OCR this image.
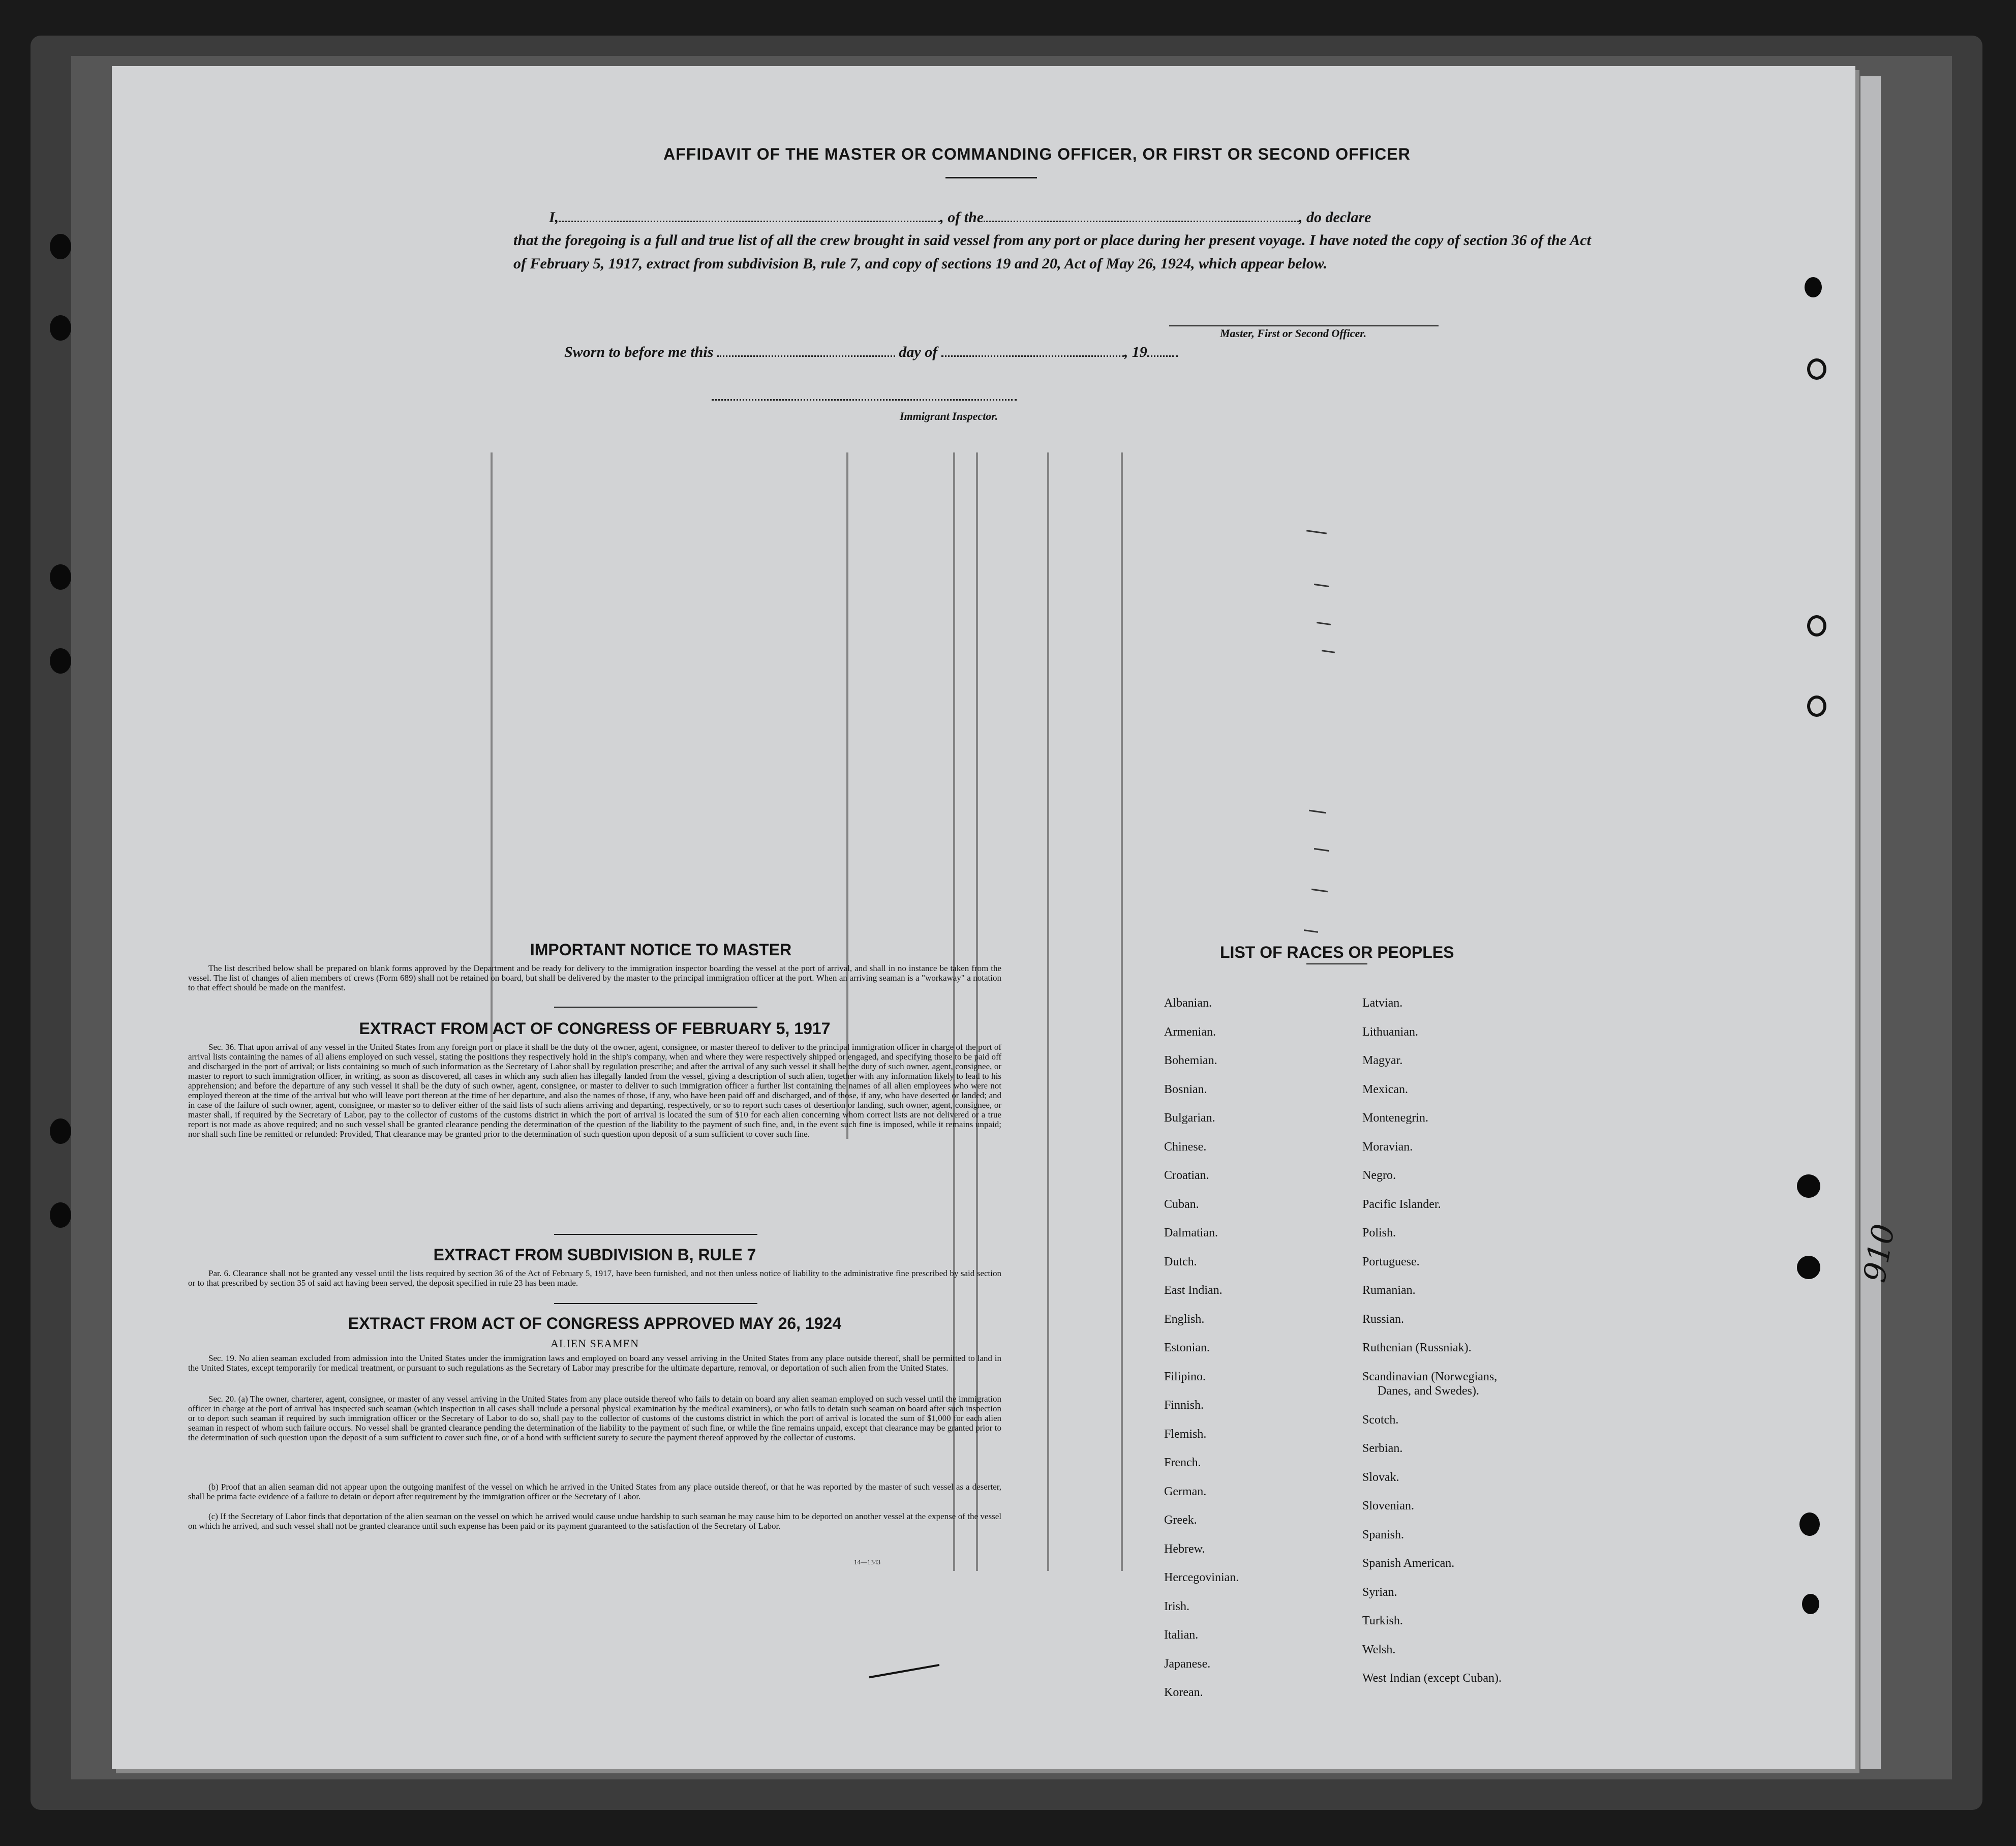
AFFIDAVIT OF THE MASTER OR COMMANDING OFFICER, OR FIRST OR SECOND OFFICER
I,	, of the	, do declare
that the foregoing is a full and true list of all the crew brought in said vessel from any port or place during her present voyage. I have noted the copy of section 36 of the Act of February 5, 1917, extract from subdivision B, rule 7, and copy of sections 19 and 20, Act of May 26, 1924, which appear below.
Master, First or Second Officer.
Sworn to before me this	day of	, 19
Immigrant Inspector.
IMPORTANT NOTICE TO MASTER
The list described below shall be prepared on blank forms approved by the Department and be ready for delivery to the immigration inspector boarding the vessel at the port of arrival, and shall in no instance be taken from the vessel. The list of changes of alien members of crews (Form 689) shall not be retained on board, but shall be delivered by the master to the principal immigration officer at the port. When an arriving seaman is a "workaway" a notation to that effect should be made on the manifest.
EXTRACT FROM ACT OF CONGRESS OF FEBRUARY 5, 1917
Sec. 36. That upon arrival of any vessel in the United States from any foreign port or place it shall be the duty of the owner, agent, consignee, or master thereof to deliver to the principal immigration officer in charge of the port of arrival lists containing the names of all aliens employed on such vessel, stating the positions they respectively hold in the ship's company, when and where they were respectively shipped or engaged, and specifying those to be paid off and discharged in the port of arrival; or lists containing so much of such information as the Secretary of Labor shall by regulation prescribe; and after the arrival of any such vessel it shall be the duty of such owner, agent, consignee, or master to report to such immigration officer, in writing, as soon as discovered, all cases in which any such alien has illegally landed from the vessel, giving a description of such alien, together with any information likely to lead to his apprehension; and before the departure of any such vessel it shall be the duty of such owner, agent, consignee, or master to deliver to such immigration officer a further list containing the names of all alien employees who were not employed thereon at the time of the arrival but who will leave port thereon at the time of her departure, and also the names of those, if any, who have been paid off and discharged, and of those, if any, who have deserted or landed; and in case of the failure of such owner, agent, consignee, or master so to deliver either of the said lists of such aliens arriving and departing, respectively, or so to report such cases of desertion or landing, such owner, agent, consignee, or master shall, if required by the Secretary of Labor, pay to the collector of customs of the customs district in which the port of arrival is located the sum of $10 for each alien concerning whom correct lists are not delivered or a true report is not made as above required; and no such vessel shall be granted clearance pending the determination of the question of the liability to the payment of such fine, and, in the event such fine is imposed, while it remains unpaid; nor shall such fine be remitted or refunded: Provided, That clearance may be granted prior to the determination of such question upon deposit of a sum sufficient to cover such fine.
EXTRACT FROM SUBDIVISION B, RULE 7
Par. 6. Clearance shall not be granted any vessel until the lists required by section 36 of the Act of February 5, 1917, have been furnished, and not then unless notice of liability to the administrative fine prescribed by said section or to that prescribed by section 35 of said act having been served, the deposit specified in rule 23 has been made.
EXTRACT FROM ACT OF CONGRESS APPROVED MAY 26, 1924
ALIEN SEAMEN
Sec. 19. No alien seaman excluded from admission into the United States under the immigration laws and employed on board any vessel arriving in the United States from any place outside thereof, shall be permitted to land in the United States, except temporarily for medical treatment, or pursuant to such regulations as the Secretary of Labor may prescribe for the ultimate departure, removal, or deportation of such alien from the United States.
Sec. 20. (a) The owner, charterer, agent, consignee, or master of any vessel arriving in the United States from any place outside thereof who fails to detain on board any alien seaman employed on such vessel until the immigration officer in charge at the port of arrival has inspected such seaman (which inspection in all cases shall include a personal physical examination by the medical examiners), or who fails to detain such seaman on board after such inspection or to deport such seaman if required by such immigration officer or the Secretary of Labor to do so, shall pay to the collector of customs of the customs district in which the port of arrival is located the sum of $1,000 for each alien seaman in respect of whom such failure occurs. No vessel shall be granted clearance pending the determination of the liability to the payment of such fine, or while the fine remains unpaid, except that clearance may be granted prior to the determination of such question upon the deposit of a sum sufficient to cover such fine, or of a bond with sufficient surety to secure the payment thereof approved by the collector of customs.
(b) Proof that an alien seaman did not appear upon the outgoing manifest of the vessel on which he arrived in the United States from any place outside thereof, or that he was reported by the master of such vessel as a deserter, shall be prima facie evidence of a failure to detain or deport after requirement by the immigration officer or the Secretary of Labor.
(c) If the Secretary of Labor finds that deportation of the alien seaman on the vessel on which he arrived would cause undue hardship to such seaman he may cause him to be deported on another vessel at the expense of the vessel on which he arrived, and such vessel shall not be granted clearance until such expense has been paid or its payment guaranteed to the satisfaction of the Secretary of Labor.
14—1343
LIST OF RACES OR PEOPLES
Albanian.
Armenian.
Bohemian.
Bosnian.
Bulgarian.
Chinese.
Croatian.
Cuban.
Dalmatian.
Dutch.
East Indian.
English.
Estonian.
Filipino.
Finnish.
Flemish.
French.
German.
Greek.
Hebrew.
Hercegovinian.
Irish.
Italian.
Japanese.
Korean.
Latvian.
Lithuanian.
Magyar.
Mexican.
Montenegrin.
Moravian.
Negro.
Pacific Islander.
Polish.
Portuguese.
Rumanian.
Russian.
Ruthenian (Russniak).
Scandinavian (Norwegians,
Danes, and Swedes).
Scotch.
Serbian.
Slovak.
Slovenian.
Spanish.
Spanish American.
Syrian.
Turkish.
Welsh.
West Indian (except Cuban).
910
